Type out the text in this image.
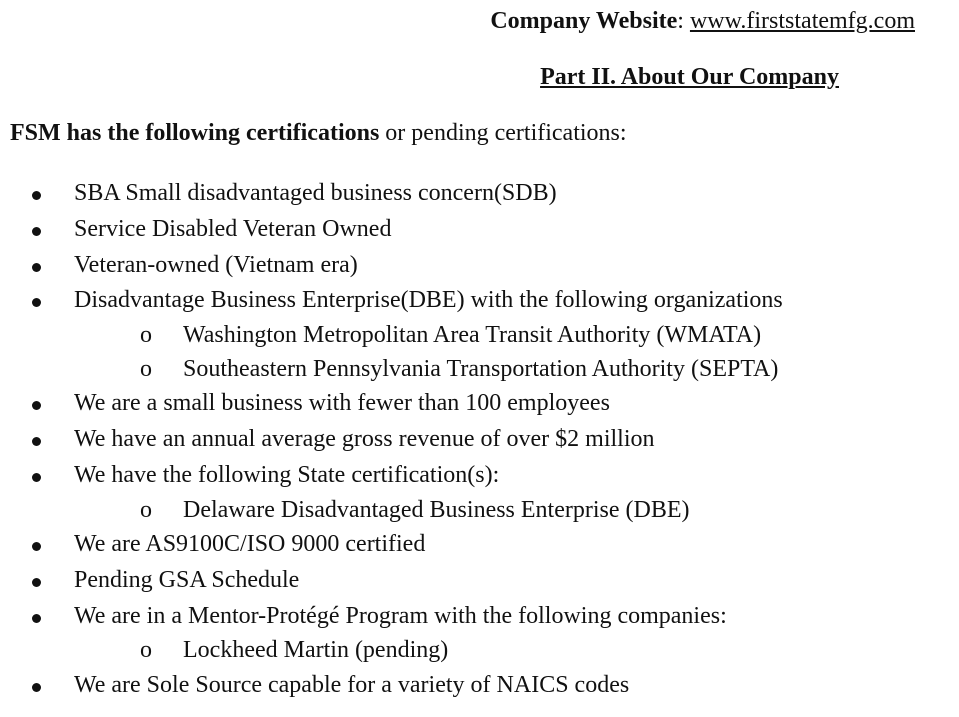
Company Website: www.firststatemfg.com
Part II. About Our Company
FSM has the following certifications or pending certifications:
SBA Small disadvantaged business concern(SDB)
Service Disabled Veteran Owned
Veteran-owned (Vietnam era)
Disadvantage Business Enterprise(DBE) with the following organizations
o Washington Metropolitan Area Transit Authority (WMATA)
o Southeastern Pennsylvania Transportation Authority (SEPTA)
We are a small business with fewer than 100 employees
We have an annual average gross revenue of over $2 million
We have the following State certification(s):
o Delaware Disadvantaged Business Enterprise (DBE)
We are AS9100C/ISO 9000 certified
Pending GSA Schedule
We are in a Mentor-Protégé Program with the following companies:
o Lockheed Martin (pending)
We are Sole Source capable for a variety of NAICS codes
